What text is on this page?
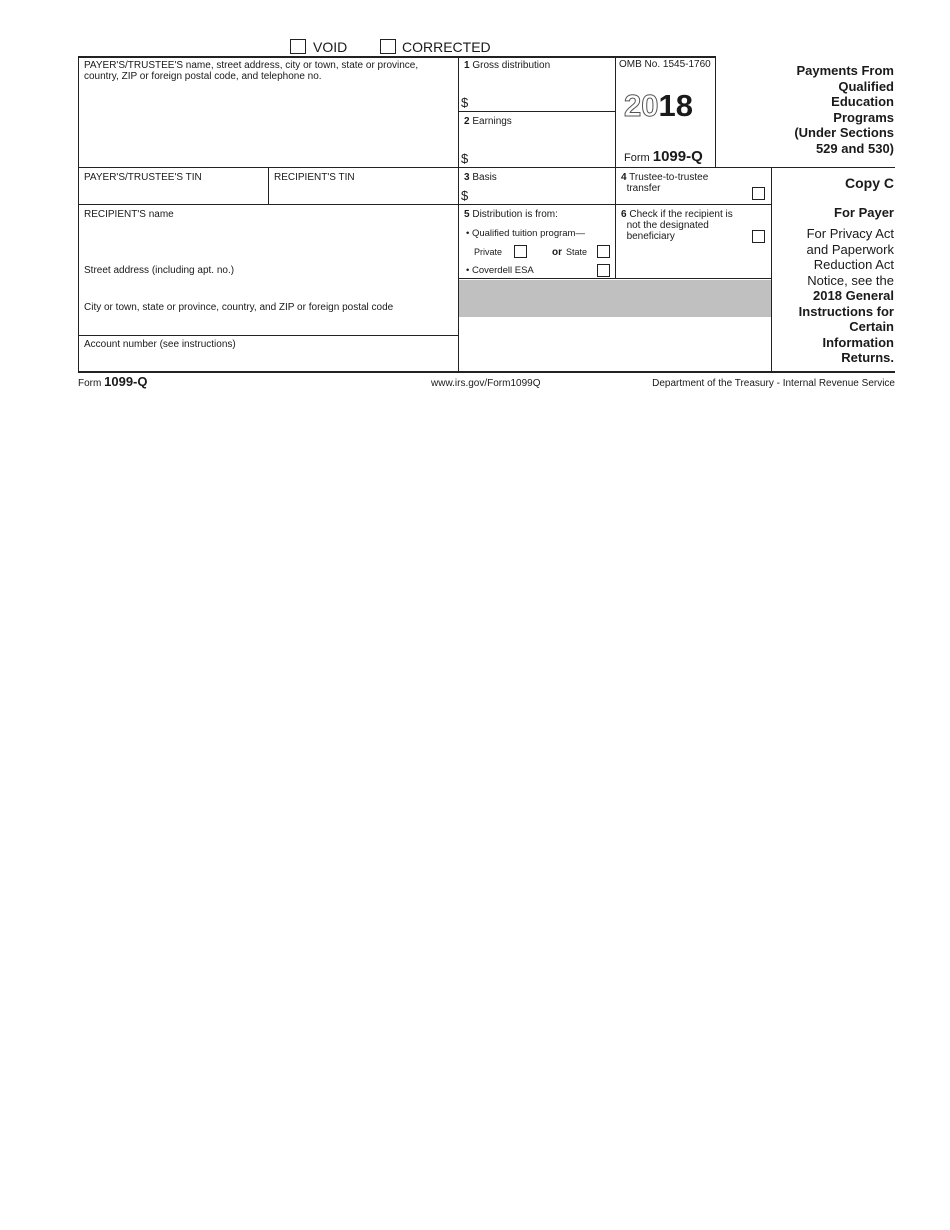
VOID	CORRECTED
PAYER'S/TRUSTEE'S name, street address, city or town, state or province, country, ZIP or foreign postal code, and telephone no.
1 Gross distribution
$
2 Earnings
$
OMB No. 1545-1760
2018
Form 1099-Q
Payments From
Qualified
Education
Programs
(Under Sections
529 and 530)
PAYER'S/TRUSTEE'S TIN	RECIPIENT'S TIN	3 Basis
$
4 Trustee-to-trustee
transfer	Copy C
For Payer
For Privacy Act
and Paperwork
Reduction Act
Notice, see the
2018 General
Instructions for
Certain
Information
Returns.
RECIPIENT'S name
Street address (including apt. no.)
City or town, state or province, country, and ZIP or foreign postal code
Account number (see instructions)
5 Distribution is from:
• Qualified tuition program—
Private	or State
• Coverdell ESA
6 Check if the recipient is
not the designated
beneficiary
Form 1099-Q	www.irs.gov/Form1099Q	Department of the Treasury - Internal Revenue Service
